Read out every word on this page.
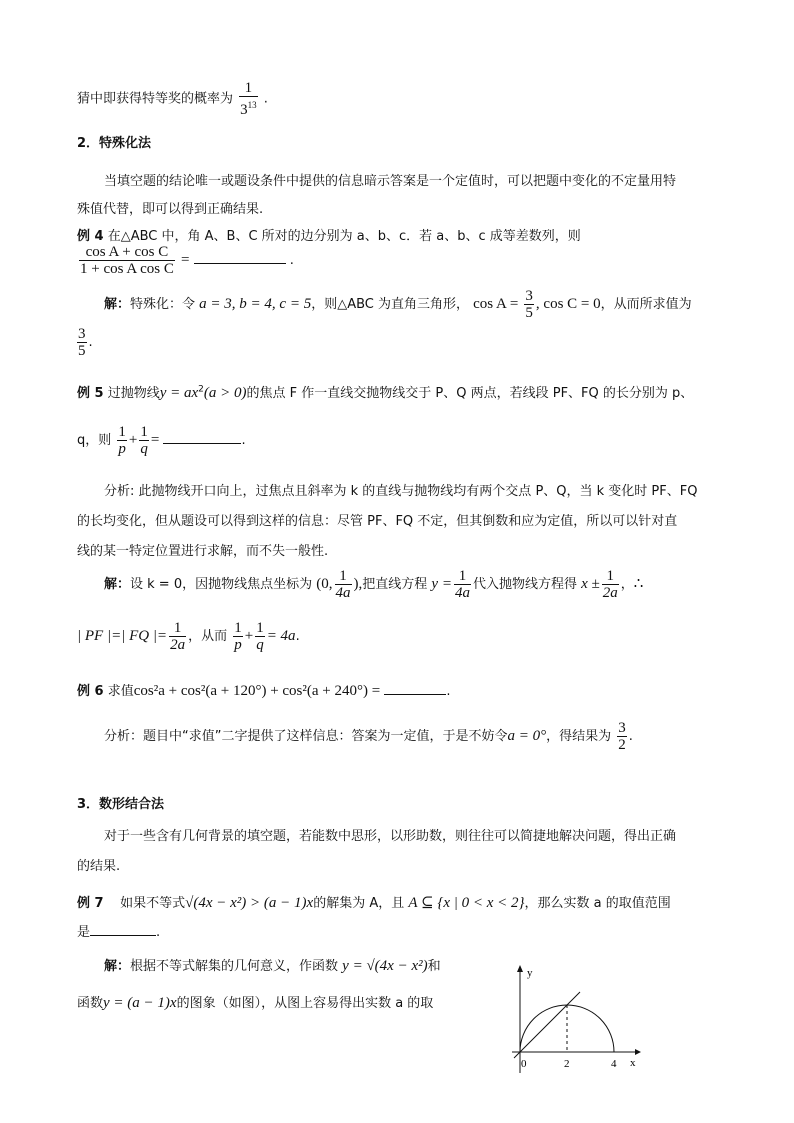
猜中即获得特等奖的概率为 $\frac{1}{3^{13}}$ .
2．特殊化法
当填空题的结论唯一或题设条件中提供的信息暗示答案是一个定值时，可以把题中变化的不定量用特
殊值代替，即可以得到正确结果.
例 4 在△ABC 中，角 A、B、C 所对的边分别为 a、b、c．若 a、b、c 成等差数列，则
$\frac{\text{cos A + cos C}}{\text{1 + cos A cos C}}$ =	.
解：特殊化：令 a = 3, b = 4, c = 5，则△ABC 为直角三角形， $\cos A = \frac{3}{5}$ , cos C = 0，从而所求值为
$\frac{3}{5}$ .
例 5 过抛物线$y = ax^2(a > 0)$的焦点 F 作一直线交抛物线交于 P、Q 两点，若线段 PF、FQ 的长分别为 p、
q，则 $\frac{1}{p} + \frac{1}{q}$ =	.
分析: 此抛物线开口向上，过焦点且斜率为 k 的直线与抛物线均有两个交点 P、Q，当 k 变化时 PF、FQ
的长均变化，但从题设可以得到这样的信息：尽管 PF、FQ 不定，但其倒数和应为定值，所以可以针对直
线的某一特定位置进行求解，而不失一般性.
解：设 k = 0，因抛物线焦点坐标为 (0, $\frac{1}{4a}$ ),把直线方程 $y = \frac{1}{4a}$ 代入抛物线方程得 $x \pm \frac{1}{2a}$ ，∴
| PF |=| FQ |= $\frac{1}{2a}$ ，从而 $\frac{1}{p} + \frac{1}{q} = 4a$.
例 6 求值cos²a + cos²(a + 120°) + cos²(a + 240°) =	.
分析：题目中“求值”二字提供了这样信息：答案为一定值，于是不妨令a = 0°，得结果为 $\frac{3}{2}$ .
3．数形结合法
对于一些含有几何背景的填空题，若能数中思形，以形助数，则往往可以简捷地解决问题，得出正确
的结果.
例 7 如果不等式√(4x − x²) > (a − 1)x的解集为 A，且 A ⊆ {x | 0 < x < 2}，那么实数 a 的取值范围
是	.
解：根据不等式解集的几何意义，作函数 y = √(4x − x²)和
函数y = (a − 1)x的图象（如图），从图上容易得出实数 a 的取
y
x
0	2	4
